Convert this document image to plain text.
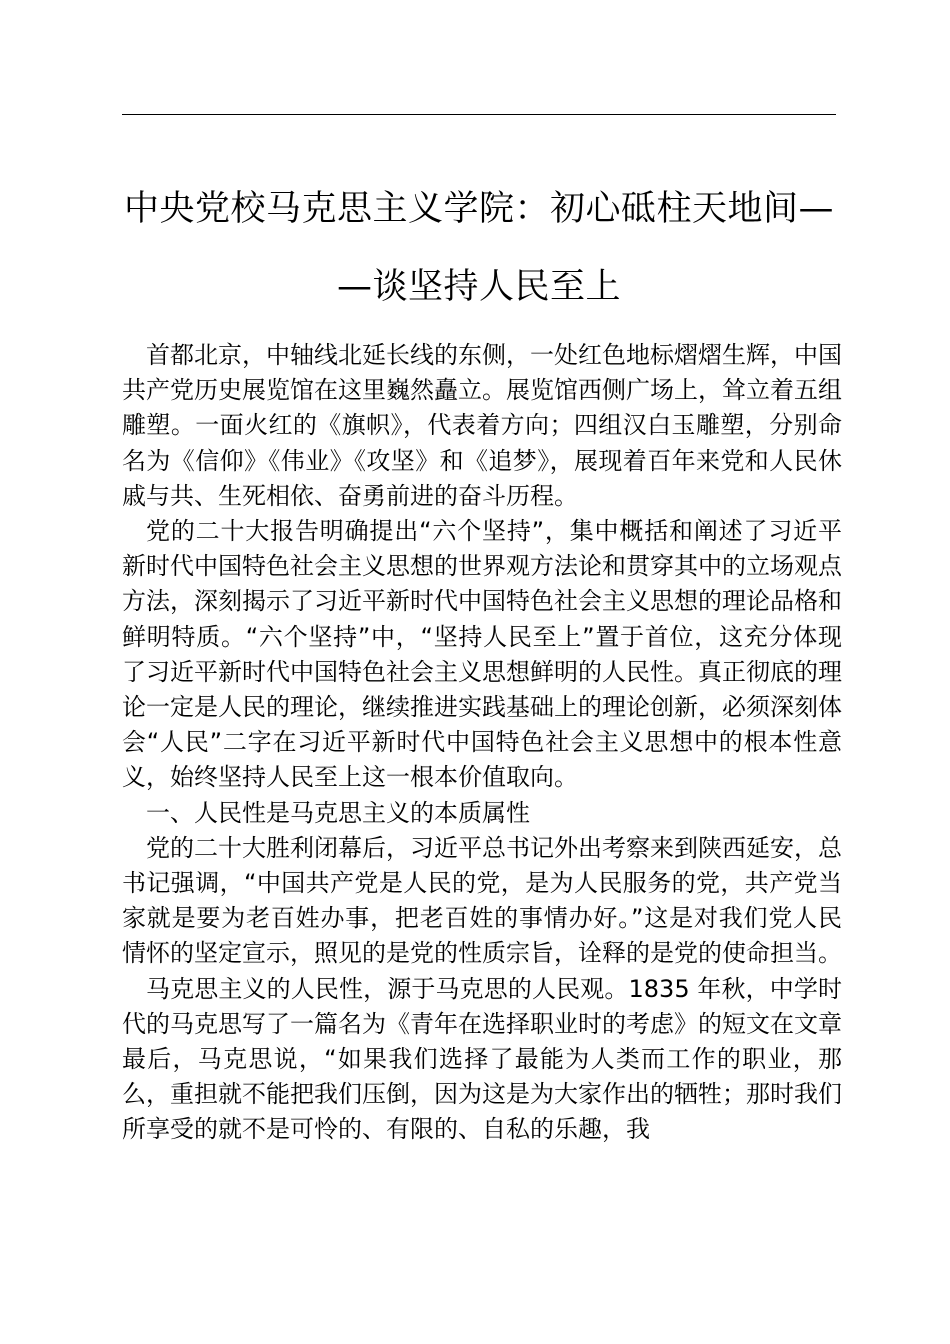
中央党校马克思主义学院：初心砥柱天地间—
—谈坚持人民至上

首都北京，中轴线北延长线的东侧，一处红色地标熠熠生辉，中国共产党历史展览馆在这里巍然矗立。展览馆西侧广场上，耸立着五组雕塑。一面火红的《旗帜》，代表着方向；四组汉白玉雕塑，分别命名为《信仰》《伟业》《攻坚》和《追梦》，展现着百年来党和人民休戚与共、生死相依、奋勇前进的奋斗历程。

党的二十大报告明确提出“六个坚持”，集中概括和阐述了习近平新时代中国特色社会主义思想的世界观方法论和贯穿其中的立场观点方法，深刻揭示了习近平新时代中国特色社会主义思想的理论品格和鲜明特质。“六个坚持”中，“坚持人民至上”置于首位，这充分体现了习近平新时代中国特色社会主义思想鲜明的人民性。真正彻底的理论一定是人民的理论，继续推进实践基础上的理论创新，必须深刻体会“人民”二字在习近平新时代中国特色社会主义思想中的根本性意义，始终坚持人民至上这一根本价值取向。

一、人民性是马克思主义的本质属性

党的二十大胜利闭幕后，习近平总书记外出考察来到陕西延安，总书记强调，“中国共产党是人民的党，是为人民服务的党，共产党当家就是要为老百姓办事，把老百姓的事情办好。”这是对我们党人民情怀的坚定宣示，照见的是党的性质宗旨，诠释的是党的使命担当。

马克思主义的人民性，源于马克思的人民观。1835 年秋，中学时代的马克思写了一篇名为《青年在选择职业时的考虑》的短文在文章最后，马克思说，“如果我们选择了最能为人类而工作的职业，那么，重担就不能把我们压倒，因为这是为大家作出的牺牲；那时我们所享受的就不是可怜的、有限的、自私的乐趣，我
